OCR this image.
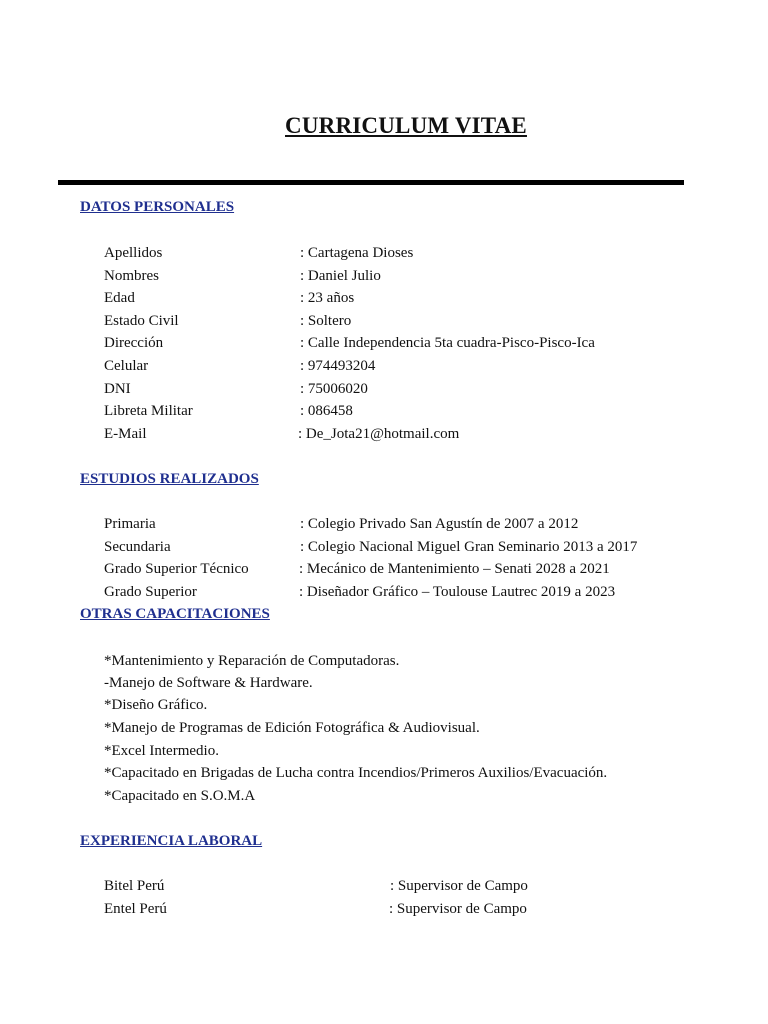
CURRICULUM VITAE
DATOS PERSONALES
Apellidos	: Cartagena Dioses
Nombres	: Daniel Julio
Edad	: 23 años
Estado Civil	: Soltero
Dirección	: Calle Independencia 5ta cuadra-Pisco-Pisco-Ica
Celular	: 974493204
DNI	: 75006020
Libreta Militar	: 086458
E-Mail	: De_Jota21@hotmail.com
ESTUDIOS REALIZADOS
Primaria	: Colegio Privado San Agustín de 2007 a 2012
Secundaria	: Colegio Nacional Miguel Gran Seminario 2013 a 2017
Grado Superior Técnico	: Mecánico de Mantenimiento – Senati 2028 a 2021
Grado Superior	: Diseñador Gráfico – Toulouse Lautrec 2019 a 2023
OTRAS CAPACITACIONES
*Mantenimiento y Reparación de Computadoras.
-Manejo de Software & Hardware.
*Diseño Gráfico.
*Manejo de Programas de Edición Fotográfica & Audiovisual.
*Excel Intermedio.
*Capacitado en Brigadas de Lucha contra Incendios/Primeros Auxilios/Evacuación.
*Capacitado en S.O.M.A
EXPERIENCIA LABORAL
Bitel Perú	: Supervisor de Campo
Entel Perú	: Supervisor de Campo
